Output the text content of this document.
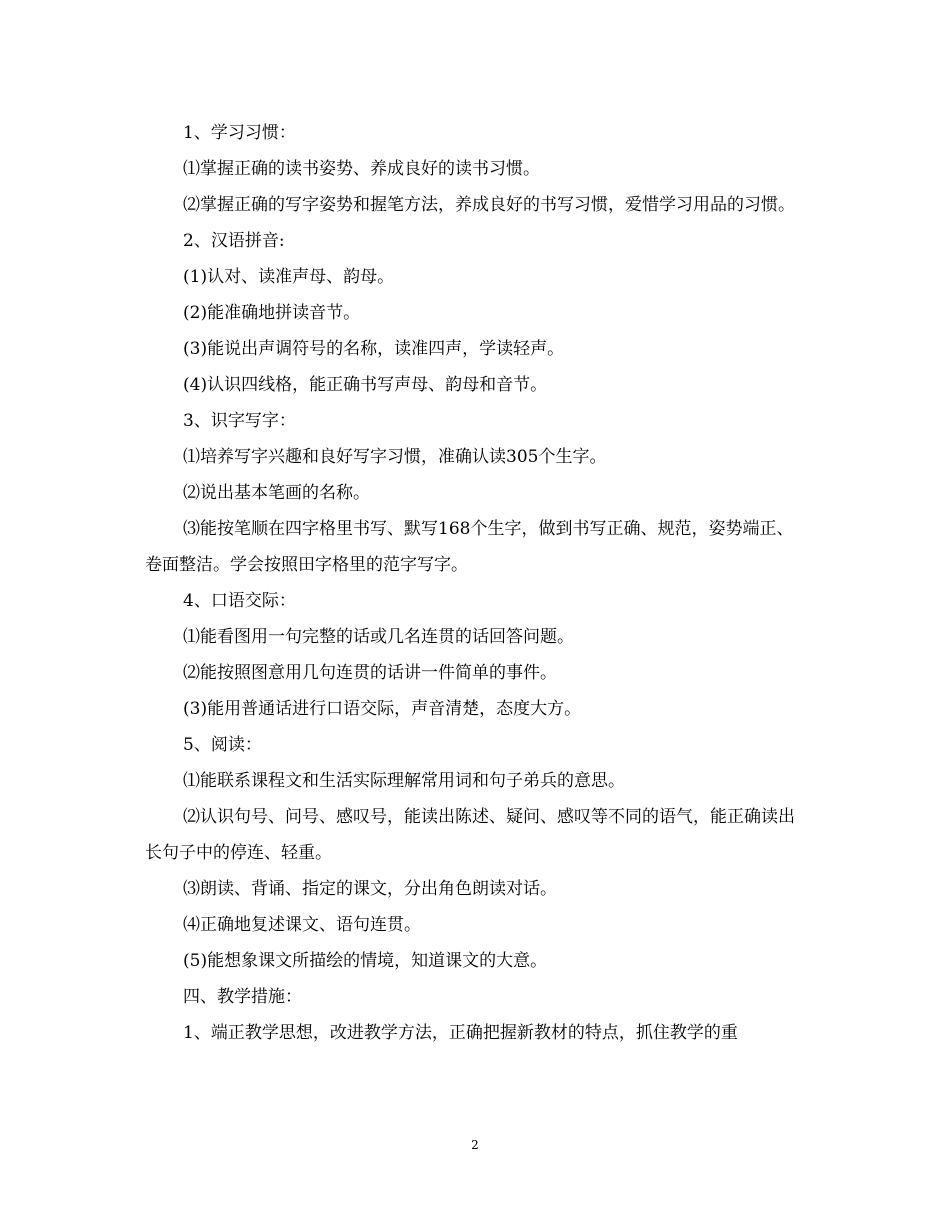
1、学习习惯：

⑴掌握正确的读书姿势、养成良好的读书习惯。

⑵掌握正确的写字姿势和握笔方法，养成良好的书写习惯，爱惜学习用品的习惯。

2、汉语拼音:

(1)认对、读准声母、韵母。

(2)能准确地拼读音节。

(3)能说出声调符号的名称，读准四声，学读轻声。

(4)认识四线格，能正确书写声母、韵母和音节。

3、识字写字：

⑴培养写字兴趣和良好写字习惯，准确认读305个生字。

⑵说出基本笔画的名称。

⑶能按笔顺在四字格里书写、默写168个生字，做到书写正确、规范，姿势端正、卷面整洁。学会按照田字格里的范字写字。

4、口语交际：

⑴能看图用一句完整的话或几名连贯的话回答问题。

⑵能按照图意用几句连贯的话讲一件简单的事件。

(3)能用普通话进行口语交际，声音清楚，态度大方。

5、阅读：

⑴能联系课程文和生活实际理解常用词和句子弟兵的意思。

⑵认识句号、问号、感叹号，能读出陈述、疑问、感叹等不同的语气，能正确读出长句子中的停连、轻重。

⑶朗读、背诵、指定的课文，分出角色朗读对话。

⑷正确地复述课文、语句连贯。

(5)能想象课文所描绘的情境，知道课文的大意。

四、教学措施：

1、端正教学思想，改进教学方法，正确把握新教材的特点，抓住教学的重

2
